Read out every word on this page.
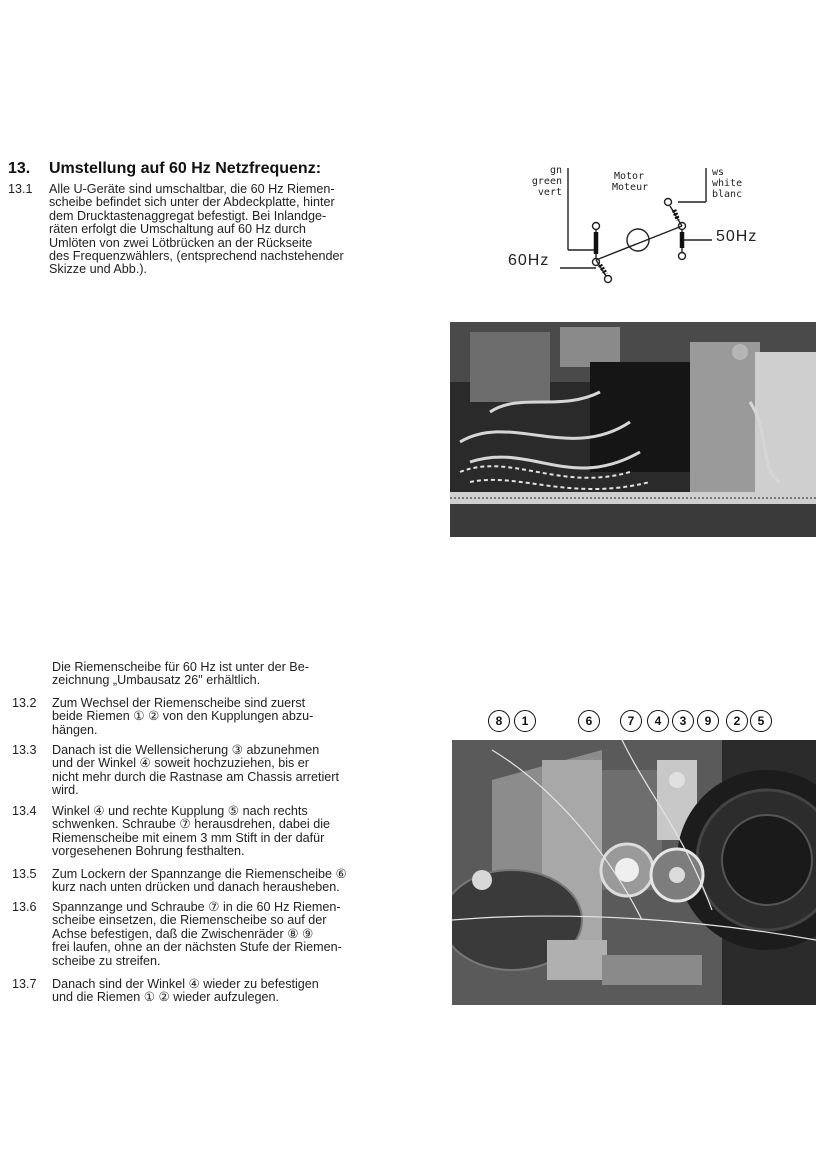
13. Umstellung auf 60 Hz Netzfrequenz:
13.1	Alle U-Geräte sind umschaltbar, die 60 Hz Riemen-
scheibe befindet sich unter der Abdeckplatte, hinter
dem Drucktastenaggregat befestigt. Bei Inlandge-
räten erfolgt die Umschaltung auf 60 Hz durch
Umlöten von zwei Lötbrücken an der Rückseite
des Frequenzwählers, (entsprechend nachstehender
Skizze und Abb.).
Die Riemenscheibe für 60 Hz ist unter der Be-
zeichnung „Umbausatz 26" erhältlich.
13.2	Zum Wechsel der Riemenscheibe sind zuerst
beide Riemen ① ② von den Kupplungen abzu-
hängen.
13.3	Danach ist die Wellensicherung ③ abzunehmen
und der Winkel ④ soweit hochzuziehen, bis er
nicht mehr durch die Rastnase am Chassis arretiert
wird.
13.4	Winkel ④ und rechte Kupplung ⑤ nach rechts
schwenken. Schraube ⑦ herausdrehen, dabei die
Riemenscheibe mit einem 3 mm Stift in der dafür
vorgesehenen Bohrung festhalten.
13.5	Zum Lockern der Spannzange die Riemenscheibe ⑥
kurz nach unten drücken und danach herausheben.
13.6	Spannzange und Schraube ⑦ in die 60 Hz Riemen-
scheibe einsetzen, die Riemenscheibe so auf der
Achse befestigen, daß die Zwischenräder ⑧ ⑨
frei laufen, ohne an der nächsten Stufe der Riemen-
scheibe zu streifen.
13.7	Danach sind der Winkel ④ wieder zu befestigen
und die Riemen ① ② wieder aufzulegen.
gn
green
vert
Motor
Moteur
ws
white
blanc
60Hz
50Hz
8	1	6	7	4	3	9	2	5
